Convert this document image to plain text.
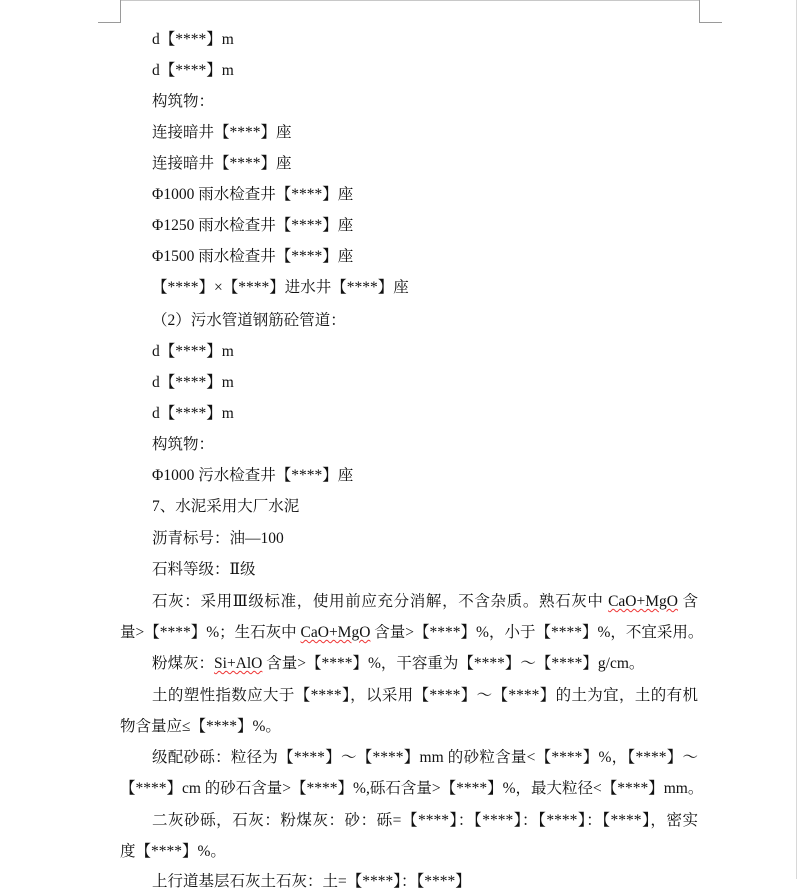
d【****】m
d【****】m
构筑物：
连接暗井【****】座
连接暗井【****】座
Φ1000 雨水检查井【****】座
Φ1250 雨水检查井【****】座
Φ1500 雨水检查井【****】座
【****】×【****】进水井【****】座
（2）污水管道钢筋砼管道：
d【****】m
d【****】m
d【****】m
构筑物：
Φ1000 污水检查井【****】座
7、水泥采用大厂水泥
沥青标号：油—100
石料等级：Ⅱ级
石灰：采用Ⅲ级标准，使用前应充分消解，不含杂质。熟石灰中 CaO+MgO 含
量>【****】%；生石灰中 CaO+MgO 含量>【****】%，小于【****】%，不宜采用。
粉煤灰：Si+AlO 含量>【****】%，干容重为【****】～【****】g/cm。
土的塑性指数应大于【****】，以采用【****】～【****】的土为宜，土的有机
物含量应≤【****】%。
级配砂砾：粒径为【****】～【****】mm 的砂粒含量<【****】%，【****】～
【****】cm 的砂石含量>【****】%,砾石含量>【****】%，最大粒径<【****】mm。
二灰砂砾，石灰：粉煤灰：砂：砾=【****】：【****】：【****】：【****】，密实
度【****】%。
上行道基层石灰土石灰：土=【****】：【****】
